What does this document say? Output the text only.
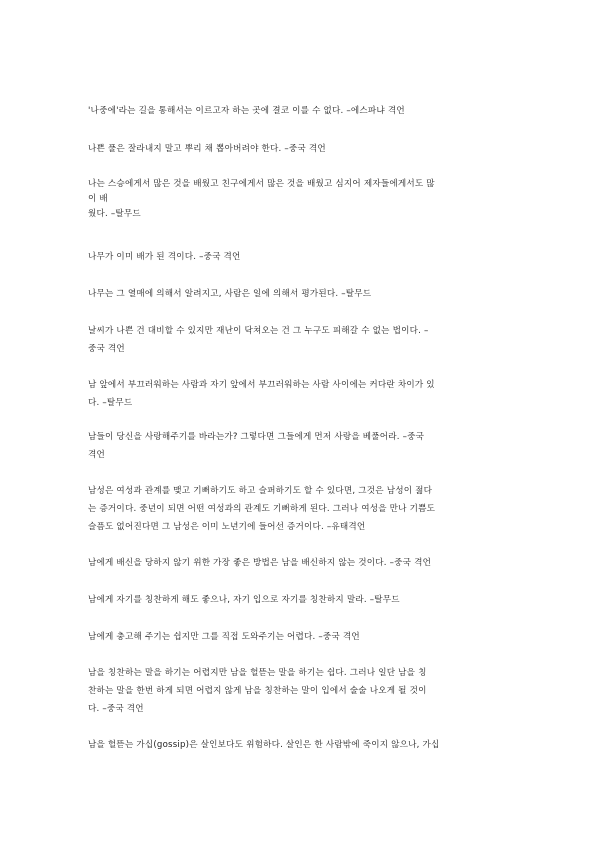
'나중에'라는 길을 통해서는 이르고자 하는 곳에 결코 이를 수 없다. –에스파냐 격언

나쁜 풀은 잘라내지 말고 뿌리 채 뽑아버려야 한다. –중국 격언

나는 스승에게서 많은 것을 배웠고 친구에게서 많은 것을 배웠고 심지어 제자들에게서도 많
이 배
웠다. –탈무드

나무가 이미 배가 된 격이다. –중국 격언

나무는 그 열매에 의해서 알려지고, 사람은 일에 의해서 평가된다. –탈무드

날씨가 나쁜 건 대비할 수 있지만 재난이 닥쳐오는 건 그 누구도 피해갈 수 없는 법이다. –
중국 격언

남 앞에서 부끄러워하는 사람과 자기 앞에서 부끄러워하는 사람 사이에는 커다란 차이가 있
다. –탈무드

남들이 당신을 사랑해주기를 바라는가? 그렇다면 그들에게 먼저 사랑을 베풀어라. –중국
격언

남성은 여성과 관계를 맺고 기뻐하기도 하고 슬퍼하기도 할 수 있다면, 그것은 남성이 젊다
는 증거이다. 중년이 되면 어떤 여성과의 관계도 기뻐하게 된다. 그러나 여성을 만나 기쁨도
슬픔도 없어진다면 그 남성은 이미 노년기에 들어선 증거이다. –유태격언

남에게 배신을 당하지 않기 위한 가장 좋은 방법은 남을 배신하지 않는 것이다. –중국 격언

남에게 자기를 칭찬하게 해도 좋으나, 자기 입으로 자기를 칭찬하지 말라. –탈무드

남에게 충고해 주기는 쉽지만 그를 직접 도와주기는 어렵다. –중국 격언

남을 칭찬하는 말을 하기는 어렵지만 남을 헐뜯는 말을 하기는 쉽다. 그러나 일단 남을 칭
찬하는 말을 한번 하게 되면 어렵지 않게 남을 칭찬하는 말이 입에서 술술 나오게 될 것이
다. –중국 격언

남을 헐뜯는 가십(gossip)은 살인보다도 위험하다. 살인은 한 사람밖에 죽이지 않으나, 가십
